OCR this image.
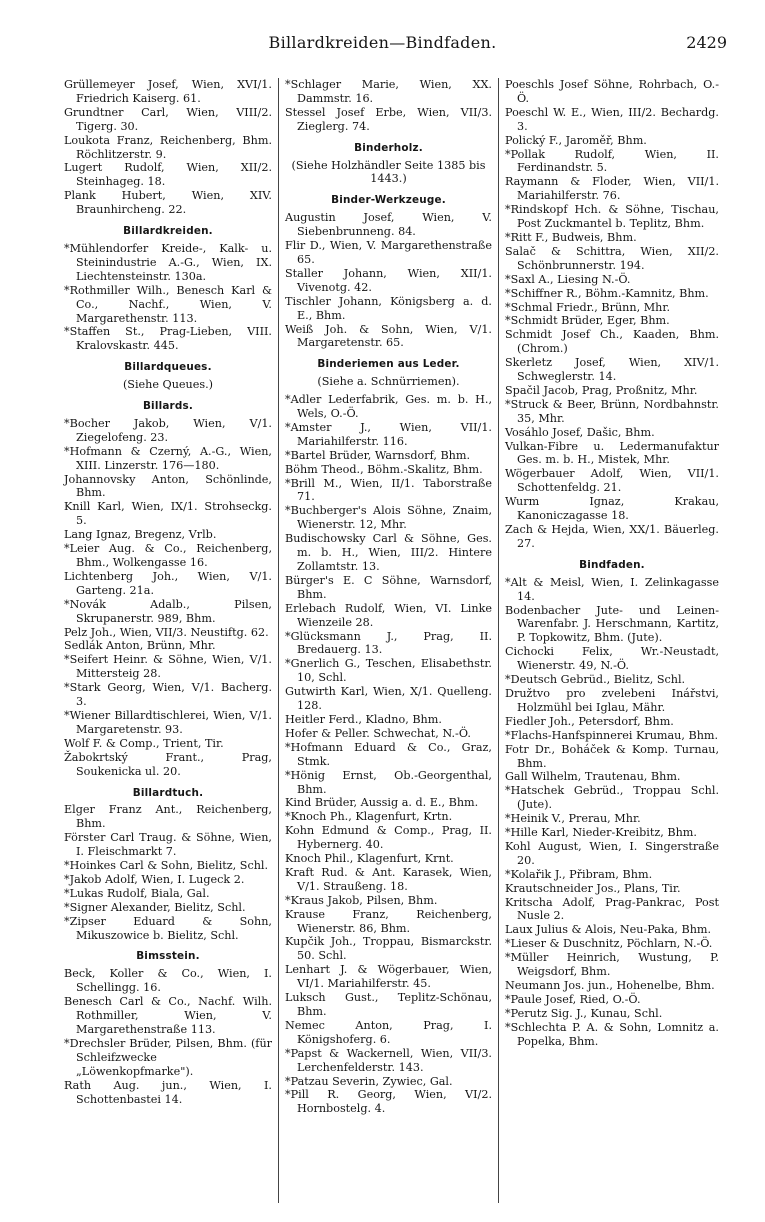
Billardkreiden—Bindfaden.	2429
Grüllemeyer Josef, Wien, XVI/1. Friedrich Kaiserg. 61.
Grundtner Carl, Wien, VIII/2. Tigerg. 30.
Loukota Franz, Reichenberg, Bhm. Röchlitzerstr. 9.
Lugert Rudolf, Wien, XII/2. Steinhageg. 18.
Plank Hubert, Wien, XIV. Braunhircheng. 22.
Billardkreiden.
*Mühlendorfer Kreide-, Kalk- u. Steinindustrie A.-G., Wien, IX. Liechtensteinstr. 130a.
*Rothmiller Wilh., Benesch Karl & Co., Nachf., Wien, V. Margarethenstr. 113.
*Staffen St., Prag-Lieben, VIII. Kralovskastr. 445.
Billardqueues.
(Siehe Queues.)
Billards.
*Bocher Jakob, Wien, V/1. Ziegelofeng. 23.
*Hofmann & Czerný, A.-G., Wien, XIII. Linzerstr. 176—180.
Johannovsky Anton, Schönlinde, Bhm.
Knill Karl, Wien, IX/1. Strohseckg. 5.
Lang Ignaz, Bregenz, Vrlb.
*Leier Aug. & Co., Reichenberg, Bhm., Wolkengasse 16.
Lichtenberg Joh., Wien, V/1. Garteng. 21a.
*Novák Adalb., Pilsen, Skrupanerstr. 989, Bhm.
Pelz Joh., Wien, VII/3. Neustiftg. 62.
Sedlák Anton, Brünn, Mhr.
*Seifert Heinr. & Söhne, Wien, V/1. Mittersteig 28.
*Stark Georg, Wien, V/1. Bacherg. 3.
*Wiener Billardtischlerei, Wien, V/1. Margaretenstr. 93.
Wolf F. & Comp., Trient, Tir.
Žabokrtský Frant., Prag, Soukenicka ul. 20.
Billardtuch.
Elger Franz Ant., Reichenberg, Bhm.
Förster Carl Traug. & Söhne, Wien, I. Fleischmarkt 7.
*Hoinkes Carl & Sohn, Bielitz, Schl.
*Jakob Adolf, Wien, I. Lugeck 2.
*Lukas Rudolf, Biala, Gal.
*Signer Alexander, Bielitz, Schl.
*Zipser Eduard & Sohn, Mikuszowice b. Bielitz, Schl.
Bimsstein.
Beck, Koller & Co., Wien, I. Schellingg. 16.
Benesch Carl & Co., Nachf. Wilh. Rothmiller, Wien, V. Margarethenstraße 113.
*Drechsler Brüder, Pilsen, Bhm. (für Schleifzwecke „Löwenkopfmarke").
Rath Aug. jun., Wien, I. Schottenbastei 14.
*Schlager Marie, Wien, XX. Dammstr. 16.
Stessel Josef Erbe, Wien, VII/3. Zieglerg. 74.
Binderholz.
(Siehe Holzhändler Seite 1385 bis 1443.)
Binder-Werkzeuge.
Augustin Josef, Wien, V. Siebenbrunneng. 84.
Flir D., Wien, V. Margarethenstraße 65.
Staller Johann, Wien, XII/1. Vivenotg. 42.
Tischler Johann, Königsberg a. d. E., Bhm.
Weiß Joh. & Sohn, Wien, V/1. Margaretenstr. 65.
Binderiemen aus Leder.
(Siehe a. Schnürriemen).
*Adler Lederfabrik, Ges. m. b. H., Wels, O.-Ö.
*Amster J., Wien, VII/1. Mariahilferstr. 116.
*Bartel Brüder, Warnsdorf, Bhm.
Böhm Theod., Böhm.-Skalitz, Bhm.
*Brill M., Wien, II/1. Taborstraße 71.
*Buchberger's Alois Söhne, Znaim, Wienerstr. 12, Mhr.
Budischowsky Carl & Söhne, Ges. m. b. H., Wien, III/2. Hintere Zollamtstr. 13.
Bürger's E. C Söhne, Warnsdorf, Bhm.
Erlebach Rudolf, Wien, VI. Linke Wienzeile 28.
*Glücksmann J., Prag, II. Bredauerg. 13.
*Gnerlich G., Teschen, Elisabethstr. 10, Schl.
Gutwirth Karl, Wien, X/1. Quelleng. 128.
Heitler Ferd., Kladno, Bhm.
Hofer & Peller. Schwechat, N.-Ö.
*Hofmann Eduard & Co., Graz, Stmk.
*Hönig Ernst, Ob.-Georgenthal, Bhm.
Kind Brüder, Aussig a. d. E., Bhm.
*Knoch Ph., Klagenfurt, Krtn.
Kohn Edmund & Comp., Prag, II. Hybernerg. 40.
Knoch Phil., Klagenfurt, Krnt.
Kraft Rud. & Ant. Karasek, Wien, V/1. Straußeng. 18.
*Kraus Jakob, Pilsen, Bhm.
Krause Franz, Reichenberg, Wienerstr. 86, Bhm.
Kupčik Joh., Troppau, Bismarckstr. 50. Schl.
Lenhart J. & Wögerbauer, Wien, VI/1. Mariahilferstr. 45.
Luksch Gust., Teplitz-Schönau, Bhm.
Nemec Anton, Prag, I. Königshoferg. 6.
*Papst & Wackernell, Wien, VII/3. Lerchenfelderstr. 143.
*Patzau Severin, Zywiec, Gal.
*Pill R. Georg, Wien, VI/2. Hornbostelg. 4.
Poeschls Josef Söhne, Rohrbach, O.-Ö.
Poeschl W. E., Wien, III/2. Bechardg. 3.
Polický F., Jaroměř, Bhm.
*Pollak Rudolf, Wien, II. Ferdinandstr. 5.
Raymann & Floder, Wien, VII/1. Mariahilferstr. 76.
*Rindskopf Hch. & Söhne, Tischau, Post Zuckmantel b. Teplitz, Bhm.
*Ritt F., Budweis, Bhm.
Salač & Schittra, Wien, XII/2. Schönbrunnerstr. 194.
*Saxl A., Liesing N.-Ö.
*Schiffner R., Böhm.-Kamnitz, Bhm.
*Schmal Friedr., Brünn, Mhr.
*Schmidt Brüder, Eger, Bhm.
Schmidt Josef Ch., Kaaden, Bhm. (Chrom.)
Skerletz Josef, Wien, XIV/1. Schweglerstr. 14.
Spačil Jacob, Prag, Proßnitz, Mhr.
*Struck & Beer, Brünn, Nordbahnstr. 35, Mhr.
Vosáhlo Josef, Dašic, Bhm.
Vulkan-Fibre u. Ledermanufaktur Ges. m. b. H., Mistek, Mhr.
Wögerbauer Adolf, Wien, VII/1. Schottenfeldg. 21.
Wurm Ignaz, Krakau, Kanoniczagasse 18.
Zach & Hejda, Wien, XX/1. Bäuerleg. 27.
Bindfaden.
*Alt & Meisl, Wien, I. Zelinkagasse 14.
Bodenbacher Jute- und Leinen-Warenfabr. J. Herschmann, Kartitz, P. Topkowitz, Bhm. (Jute).
Cichocki Felix, Wr.-Neustadt, Wienerstr. 49, N.-Ö.
*Deutsch Gebrüd., Bielitz, Schl.
Družtvo pro zvelebeni Inářstvi, Holzmühl bei Iglau, Mähr.
Fiedler Joh., Petersdorf, Bhm.
*Flachs-Hanfspinnerei Krumau, Bhm.
Fotr Dr., Boháček & Komp. Turnau, Bhm.
Gall Wilhelm, Trautenau, Bhm.
*Hatschek Gebrüd., Troppau Schl. (Jute).
*Heinik V., Prerau, Mhr.
*Hille Karl, Nieder-Kreibitz, Bhm.
Kohl August, Wien, I. Singerstraße 20.
*Kolařik J., Přibram, Bhm.
Krautschneider Jos., Plans, Tir.
Kritscha Adolf, Prag-Pankrac, Post Nusle 2.
Laux Julius & Alois, Neu-Paka, Bhm.
*Lieser & Duschnitz, Pöchlarn, N.-Ö.
*Müller Heinrich, Wustung, P. Weigsdorf, Bhm.
Neumann Jos. jun., Hohenelbe, Bhm.
*Paule Josef, Ried, O.-Ö.
*Perutz Sig. J., Kunau, Schl.
*Schlechta P. A. & Sohn, Lomnitz a. Popelka, Bhm.
